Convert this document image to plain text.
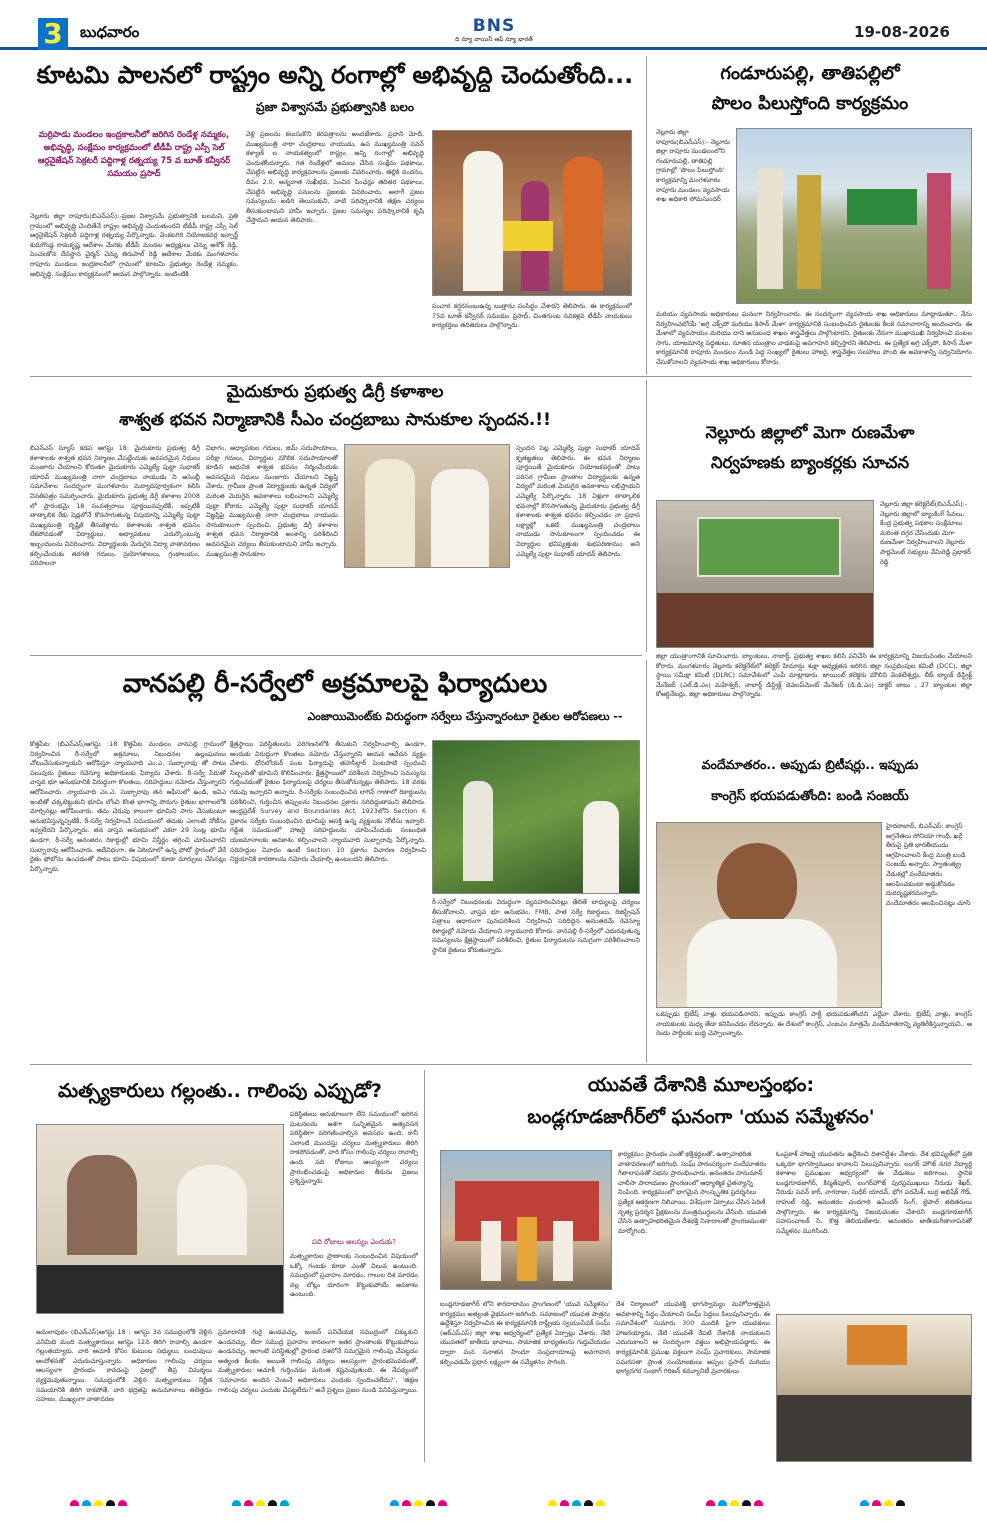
3	బుధవారం	BNS
ది న్యూ వాయిస్ ఆఫ్ న్యూ భారత్	19-08-2026
కూటమి పాలనలో రాష్ట్రం అన్ని రంగాల్లో అభివృద్ధి చెందుతోంది...
ప్రజా విశ్వాసమే ప్రభుత్వానికి బలం
మర్రిపాడు మండలం ఇంద్రకాలనీలో జరిగిన రెండేళ్ల నమ్మకం, అభివృద్ధి, సంక్షేమం కార్యక్రమంలో టీడీపీ రాష్ట్ర ఎస్సీ సెల్ ఆర్గనైజేషన్ సెక్రటరీ పద్దిగాళ్ల రత్నయ్య 75 వ బూత్ కన్వీనర్ సమయం ప్రసాద్
నెల్లూరు జిల్లా రాపూరు(బిఎన్ఎస్):-ప్రజల విశ్వాసమే ప్రభుత్వానికి బలమని, ప్రతి గ్రామంలో అభివృద్ధి చెందితేనే రాష్ట్రం అభివృద్ధి చెందుతుందని టీడీపీ రాష్ట్ర ఎస్సీ సెల్ ఆర్గనైజేషన్ సెక్రటరీ పద్దిగాళ్ల రత్నయ్య పేర్కొన్నారు. వెంకటగిరి నియోజకవర్గ ఇన్చార్జ్ కురుగొండ్ల రామకృష్ణ ఆదేశాల మేరకు టీడీపీ మండల అధ్యక్షులు చెన్ను అశోక్ రెడ్డి, పెంచలకోన దేవస్థాన చైర్మన్ చెన్ను తిరుపాల్ రెడ్డి ఆదేశాల మేరకు మంగళవారం రాపూరు మండలం ఇంద్రకాలనీలో గ్రామంలో కూటమి ప్రభుత్వం రెండేళ్ల నమ్మకం, అభివృద్ధి, సంక్షేమం కార్యక్రమంలో ఆయన పాల్గొన్నారు. ఇంటింటికి
వెళ్లి ప్రజలను కలుసుకొని కరపత్రాలను అందజేశారు. ప్రధాని మోదీ, ముఖ్యమంత్రి నారా చంద్రబాబు నాయుడు, ఉప ముఖ్యమంత్రి పవన్ కళ్యాణ్ ల నాయకత్వంలో రాష్ట్రం అన్ని రంగాల్లో అభివృద్ధి చెందుతోందన్నారు. గత రెండేళ్లలో అమలు చేసిన సంక్షేమ పథకాలు, చేపట్టిన అభివృద్ధి కార్యక్రమాలను ప్రజలకు వివరించారు. తల్లికి వందనం, దీపం 2.0, అన్నదాత సుఖీభవ, పెంచిన పింఛన్లు తదితర పథకాలు, చేపట్టిన అభివృద్ధి పనులను ప్రజలకు వివరించారు. అలాగే ప్రజల సమస్యలను అడిగి తెలుసుకుని, వాటి పరిష్కారానికి తక్షణ చర్యలు తీసుకుంటామని హామీ ఇచ్చారు. ప్రజల సమస్యల పరిష్కారానికి కృషి చేస్తామని ఆయన తెలిపారు.
సంచార కర్షరసంబుఉన్న బుత్తాను సంసిద్ధం చేశారని తెలిపారు. ఈ కార్యక్రమంలో 75వ బూత్ కన్వీనర్ సమయం ప్రసాద్, చింతగుంట నవకళ్లవ టీడీపీ నాయకులు కార్యకర్తలు తదితరులు పాల్గొన్నారు.
గండూరుపల్లి, తాతిపల్లిలో
పొలం పిలుస్తోంది కార్యక్రమం
నెల్లూరు జిల్లా రాపూరు(బిఎన్ఎస్):- నెల్లూరు జిల్లా రాపూరు మండలంలోని గండూరుపల్లి, తాతిపల్లి గ్రామాల్లో 'పొలం పిలుస్తోంది' కార్యక్రమాన్ని మంగళవారం రాపూరు మండలం వ్యవసాయ శాఖ అధికారి సోమసుందర్
మరియు వ్యవసాయ అధికారులు ఘనంగా నిర్వహించారు. ఈ సందర్భంగా వ్యవసాయ శాఖ అధికారులు మాట్లాడుతూ.. నేను నిర్వహించబోయే 'అగ్రి ఎక్స్‌పో మరియు కిసాన్ మేళా' కార్యక్రమానికి సంబంధించిన రైతులకు కీలక సమాచారాన్ని అందించారు. ఈ మేళాలో వ్యవసాయం మరియు దాని అనుబంధ శాఖల శాస్త్రవేత్తలు పాల్గొంటారని, రైతులకు నేరుగా ముఖాముఖి నిర్వహించి పంటల సాగు, యాజమాన్య పద్ధతులు, నూతన యంత్రాల వాడకంపై అవగాహన కల్పిస్తారని తెలిపారు. ఈ ప్రత్యేక అగ్రి ఎక్స్‌పో, కిసాన్ మేళా కార్యక్రమానికి రాపూరు మండలం నుండి పెద్ద సంఖ్యలో రైతులు హాజరై, శాస్త్రవేత్తల సలహాలు పొంది ఈ అవకాశాన్ని సద్వినియోగం చేసుకోవాలని వ్యవసాయ శాఖ అధికారులు కోరారు.
మైదుకూరు ప్రభుత్వ డిగ్రీ కళాశాల
శాశ్వత భవన నిర్మాణానికి సీఎం చంద్రబాబు సానుకూల స్పందన.!!
బిఎన్ఎస్ న్యూస్ కడప ఆగస్టు 18: మైదుకూరు ప్రభుత్వ డిగ్రీ కళాశాలకు శాశ్వత భవన నిర్మాణం చేపట్టేందుకు అవసరమైన నిధులు మంజూరు చేయాలని కోరుతూ మైదుకూరు ఎమ్మెల్యే పుట్టా సుధాకర్ యాదవ్ ముఖ్యమంత్రి నారా చంద్రబాబు నాయుడు ని అసెంబ్లీ సమావేశాల సందర్భంగా మంగళవారం మర్యాదపూర్వకంగా కలిసి వినతిపత్రం సమర్పించారు. మైదుకూరు ప్రభుత్వ డిగ్రీ కళాశాల 2008 లో ప్రారంభమై 18 సంవత్సరాలు పూర్తయినప్పటికీ, ఇప్పటికీ తాత్కాలిక రేకు షెడ్లలోనే కొనసాగుతున్న విషయాన్ని ఎమ్మెల్యే పుట్టా ముఖ్యమంత్రి దృష్టికి తీసుకెళ్లారు. కళాశాలకు శాశ్వత భవనం లేకపోవడంతో విద్యార్థులు, అధ్యాపకులు ఎదుర్కొంటున్న ఇబ్బందులను వివరించారు. విద్యార్థులకు మెరుగైన విద్యా వాతావరణం కల్పించేందుకు తరగతి గదులు, ప్రయోగశాలలు, గ్రంథాలయం, పరిపాలనా
విభాగం, అధ్యాపకుల గదులు, జిమ్ సదుపాయాలు, పరీక్షా గదులు, విద్యార్థుల మౌలిక సదుపాయాలతో కూడిన ఆధునిక శాశ్వత భవనం నిర్మించేందుకు అవసరమైన నిధులు మంజూరు చేయాలని విజ్ఞప్తి చేశారు. గ్రామీణ ప్రాంత విద్యార్థులకు ఉన్నత విద్యలో మరింత మెరుగైన అవకాశాలు లభించాలని ఎమ్మెల్యే పుట్టా కోరారు. ఎమ్మెల్యే పుట్టా సుధాకర్ యాదవ్ విజ్ఞప్తిపై ముఖ్యమంత్రి నారా చంద్రబాబు నాయుడు సానుకూలంగా స్పందించి, ప్రభుత్వ డిగ్రీ కళాశాల శాశ్వత భవన నిర్మాణానికి అంశాన్ని పరిశీలించి అవసరమైన చర్యలు తీసుకుంటామని హామీ ఇచ్చారు. ముఖ్యమంత్రి సానుకూల
స్పందన పట్ల ఎమ్మెల్యే పుట్టా సుధాకర్ యాదవ్ కృతజ్ఞతలు తెలిపారు. ఈ భవన నిర్మాణం పూర్తయితే మైదుకూరు నియోజకవర్గంతో పాటు పరిసర గ్రామీణ ప్రాంతాల విద్యార్థులకు ఉన్నత విద్యలో మరింత మెరుగైన అవకాశాలు లభిస్తాయని ఎమ్మెల్యే పేర్కొన్నారు. 18 ఏళ్లుగా తాత్కాలిక భవనాల్లో కొనసాగుతున్న మైదుకూరు ప్రభుత్వ డిగ్రీ కళాశాలకు శాశ్వత భవనం కల్పించడం నా ప్రధాన లక్ష్యాల్లో ఒకటి. ముఖ్యమంత్రి చంద్రబాబు నాయుడు సానుకూలంగా స్పందించడం ఈ విద్యార్థుల భవిష్యత్తుకు శుభపరిణామం అని ఎమ్మెల్యే పుట్టా సుధాకర్ యాదవ్ తెలిపారు.
నెల్లూరు జిల్లాలో మెగా రుణమేళా
నిర్వహణకు బ్యాంకర్లకు సూచన
నెల్లూరు జిల్లా కలెక్టరేట్(బిఎన్ఎస్):- నెల్లూరు జిల్లాలో బ్యాంకింగ్ సేవలు, కేంద్ర ప్రభుత్వ పథకాల సంక్షేమాలు మరింత దగ్గర చేసేందుకు మెగా రుణమేళా నిర్వహించాలని నెల్లూరు పార్లమెంట్ సభ్యులు వేమిరెడ్డి ప్రభాకర్ రెడ్డి
జిల్లా యంత్రాంగానికి సూచించారు. బ్యాంకులు, నాబార్డ్, ప్రభుత్వ శాఖల కలిసి పనిచేసి ఈ కార్యక్రమాన్ని విజయవంతం చేయాలని కోరారు. మంగళవారం నెల్లూరు కలెక్టరేట్‌లో కలెక్టర్ హిమాన్షు శుక్లా అధ్యక్షతన జరిగిన జిల్లా సంప్రదింపుల కమిటీ (DCC), జిల్లా స్థాయి సమీక్షా కమిటీ (DLRC) సమావేశంలో ఎంపీ మాట్లాడారు. జాయింట్ కలెక్టరు మౌలిని వెంకటేశ్వర్లు, లీడ్ బ్యాంక్ డిస్ట్రిక్ట్ మేనేజర్ (ఎల్.డి.ఎం) మహేశ్వర్, నాబార్డ్ డిస్ట్రిక్ట్ డెవలప్‌మెంట్ మేనేజర్ (డి.డి.ఎం) డాక్టర్ బాబు , 27 బ్యాంకుల జిల్లా కోఆర్డినేటర్లు, జిల్లా అధికారులు పాల్గొన్నారు.
వానపల్లి రీ-సర్వేలో అక్రమాలపై ఫిర్యాదులు
ఎంజాయిమెంట్‌కు విరుద్ధంగా సర్వేలు చేస్తున్నారంటూ రైతుల ఆరోపణలు --
కొత్తపేట: (బిఎన్ఎస్)ఆగస్టు :18 కొత్తపేట మండలం వానపల్లి గ్రామంలో నిర్వహించిన రీ-సర్వేలో అక్రమాలు, నిబంధనల ఉల్లంఘనలు చోటుచేసుకున్నాయని ఆరోపిస్తూ న్యాయవాది ఎం.ఎ. సుబ్బారావు తో పాటు పలువురు రైతులు రెవెన్యూ అధికారులకు ఫిర్యాదు చేశారు. రీ-సర్వే పేరుతో వాస్తవ భూ అనుభవానికి విరుద్ధంగా కొలతలు, సరిహద్దులు నమోదు చేస్తున్నారని ఆరోపించారు. న్యాయవాది ఎం.ఎ. సుబ్బారావు తన ఆఫీసులో ఉండి, ఇవిఎ ఇంటితో చక్కబెట్టుకుని భూమి లోంచి కొంత భాగాన్ని పొరుగు రైతుల భాగాలలోకి మార్చినట్లు ఆరోపించారు. తమ చెరువు కాలంగా భూమిని సాగు చేసుకుంటూ అనుభవిస్తున్నప్పటికీ, రీ-సర్వే నిర్వహించే సమయంలో తమకు ఎలాంటి నోటీసు ఇవ్వలేదని పేర్కొన్నారు. తన వాస్తవ అనుభవంలో ఎకరా 29 సెంట్ల భూమి ఉండగా, రీ-సర్వే అనంతరం రికార్డుల్లో భూమి విస్తీర్ణం తగ్గించి చూపించారని సుబ్బారావు ఆరోపించారు. అదేవిధంగా, ఈ ఏరియాలో ఉన్న ఫోటో స్థానంలో వేరే రైతు ఫోటోను ఉంచడంతో పాటు భూమి విషయంలో కూడా మార్పులు చేసినట్లు పేర్కొన్నారు.
క్షేత్రస్థాయి పరిస్థితులను పరిగణనలోకి తీసుకుని నిర్వహించాల్సి ఉండగా, అందుకు విరుద్ధంగా కొలతలు నమోదు చేస్తున్నారని ఆయన ఆవేదన వ్యక్తం చేశారు. ధోనలోయర్ పంట ఫిర్యాదుపై తహసీల్దార్ పెంటపాటి స్పందించి సిబ్బందితో భూమిని కొలిపించారు. క్షేత్రస్థాయిలో పరిశీలన నిర్వహించి సమస్యను గుర్తించడంతో రైతుల ఫిర్యాదులపై చర్యలు తీసుకోనున్నట్లు తెలిపారు. 18 వరకు గడువు ఇచ్చారని అన్నారు. రీ-సర్వేకు సంబంధించిన లాగిన్ గాణాలో రికార్డులను పరిశీలించి, గుర్తించిన తప్పులను నిబంధనల ప్రకారం సరిదిద్దుతామని తెలిపారు. ఆంధ్రప్రదేశ్ Survey and Boundaries Act, 1923లోని Section 6 ప్రకారం సర్వేకు సంబంధించిన భూమిపై ఆసక్తి ఉన్న వ్యక్తులకు నోటీసు ఇవ్వాలి. గడ్డిత సమయంలో హాజరై సరిహద్దులను చూపించేందుకు సంబంధిత యజమానాలకు అవకాశం కల్పించాలని న్యాయవాది సుబ్బారావు పేర్కొన్నారు. సరిహద్దుల వివాదం ఉంటే Section 10 ప్రకారం విచారణ నిర్వహించి నిర్ణయానికి కారణాలను నమోదు చేయాల్సి ఉంటుందని తెలిపారు.
రీ-సర్వేలో నిబంధనలకు విరుద్ధంగా వ్యవహరించినట్లు తేలితే బాధ్యులపై చర్యలు తీసుకోవాలని, వాస్తవ భూ అనుభవం, FMB, పాత సర్వే రికార్డులు, రిజిస్ట్రేషన్ పత్రాలు ఆధారంగా పునఃపరిశీలన నిర్వహించి సరిదిద్దిన అనంతరమే రెవెన్యూ రికార్డుల్లో నమోదు చేయాలని న్యాయవాది కోరారు. వానపల్లి రీ-సర్వేలో ఎదురవుతున్న సమస్యలను క్షేత్రస్థాయిలో పరిశీలించి, రైతుల ఫిర్యాదులను సమగ్రంగా పరిశీలించాలని స్థానిక రైతులు కోరుతున్నారు.
వందేమాతరం.. అప్పుడు బ్రిటీషర్లు.. ఇప్పుడు
కాంగ్రెస్ భయపడుతోంది: బండి సంజయ్
హైదరాబాద్, బిఎన్ఎస్: కాంగ్రెస్ అగ్రనేతలు సోనియా గాంధీ, ఖర్గే తీరుపై ప్రతి భారతీయుడు ఆగ్రహించాలని కేంద్ర మంత్రి బండి సంజయ్ అన్నారు. స్వాతంత్య్ర వేడుకల్లో వందేమాతరం ఆలపించకుండా అడ్డుకోవడం దురదృష్టకరమన్నారు. వందేమాతరం ఆలపించినట్లు చూసి
ఒకప్పుడు బ్రిటీష్ వాళ్లు భయపడినారని, ఇప్పుడు కాంగ్రెస్ పార్టీ భయపడుతోందని ఎద్దేవా చేశారు. బ్రిటీష్ వాళ్లు, కాంగ్రెస్ నాయకులకు మధ్య తేడా కనిపించడం లేదన్నారు. ఈ దేశంలో కాంగ్రెస్, ఎంఐఎం మాత్రమే వందేమాతరాన్ని వ్యతిరేకిస్తున్నాయని.. ఆ రెండు పార్టీలకు బుద్ధి చెప్పాలన్నారు.
మత్స్యకారులు గల్లంతు.. గాలింపు ఎప్పుడో?
పరిస్థితులు అనుకూలంగా లేని సమయంలో జరిగిన ఘటనలను ఆశగా సున్నితమైన అత్యవసర పరిస్థితిగా పరిగణించాల్సిన అవసరం ఉంది. కానీ ఎలాంటి ముందస్తు చర్యలు మత్స్యకారులు తిరిగి రాకపోవడంతో, వారి కోసం గాలింపు చర్యలు రావాల్సి ఉంది. పది రోజులు ఆలస్యంగా చర్యలు ప్రారంభించడంపై అధికారుల తీరును ప్రజలు ప్రశ్నిస్తున్నారు.
పది రోజులు ఆలస్యం ఎందుకు?
మత్స్యకారుల ప్రాణాలకు సంబంధించిన విషయంలో ఒక్కో గంటకు కూడా ఎంతో విలువ ఉంటుంది. సముద్రంలో ప్రవాహం మారడం, గాలుల దిశ మారడం వల్ల బోట్లు దూరంగా కొట్టుకుపోయే అవకాశం ఉంటుంది.
అమలాపురం (బిఎన్ఎస్)ఆగస్టు 18 : ఆగస్టు 3న సముద్రంలోకి వెళ్లిన ఎనిమిది మంది మత్స్యకారులు ఆగస్టు 12న తిరిగి రావాల్సి ఉండగా గల్లంతయ్యారు. వారి ఆచూకీ కోసం కుటుంబ సభ్యులు, బంధువులు ఆందోళనతో ఎదురుచూస్తున్నారు. అధికారుల గాలింపు చర్యలు ఆలస్యంగా ప్రారంభం కావడంపై ప్రజల్లో తీవ్ర విమర్శలు వ్యక్తమవుతున్నాయి. సముద్రంలోకి వెళ్లిన మత్స్యకారులు నిర్ణీత సమయానికి తిరిగి రాకపోతే, వారి భద్రతపై అనుమానాలు తలెత్తడం సహజం. ముఖ్యంగా వాతావరణ
ప్రమాదానికి గురై ఉండవచ్చు, ఇంజన్ పనిచేయక సముద్రంలో చిక్కుకుని ఉండవచ్చు, లేదా సముద్ర ప్రవాహం కారణంగా ఇతర ప్రాంతాలకు కొట్టుకుపోయి ఉండవచ్చు. ఇలాంటి పరిస్థితుల్లో ప్రారంభ దశలోనే సమగ్రమైన గాలింపు చేపట్టడం అత్యంత కీలకం. అయితే గాలింపు చర్యలు ఆలస్యంగా ప్రారంభమవడంతో, మత్స్యకారుల ఆచూకీ గుర్తించడం మరింత కష్టమవుతుంది. ఈ నేపథ్యంలో 'సమాచారం అందిన వెంటనే అధికారులు ఎందుకు స్పందించలేదు?', 'తక్షణ గాలింపు చర్యలు ఎందుకు చేపట్టలేదు?' అనే ప్రశ్నలు ప్రజల నుండి వినిపిస్తున్నాయి.
యువతే దేశానికి మూలస్తంభం:
బండ్లగూడజాగీర్‌లో ఘనంగా 'యువ సమ్మేళనం'
కార్యక్రమం ప్రారంభం ఎంతో భక్తిశ్రద్ధలతో, ఉత్సాహభరిత వాతావరణంలో జరిగింది. సంఘ్ పారంపర్యంగా వందేమాతరం గీతాలాపనతో సభను ప్రారంభించారు. అనంతరం హనుమాన్ చాలీసా పారాయణం ప్రాంగణంలో ఆధ్యాత్మిక చైతన్యాన్ని నింపింది. కార్యక్రమంలో భాగమైన సాంస్కృతిక ప్రదర్శనలు ప్రత్యేక ఆకర్షణగా నిలిచాయి. విశేషంగా ఏర్పాటు చేసిన పెరిణీ నృత్య ప్రదర్శన ప్రేక్షకులను మంత్రముగ్ధులను చేసింది. యువత చేసిన ఉత్సాహభరితమైన దేశభక్తి నినాదాలతో ప్రాంగణమంతా మార్మోగింది.
బండ్లగూడజాగీర్ లోని శారదాదామం ప్రాంగణంలో 'యువ సమ్మేళనం' కార్యక్రమం అత్యంత వైభవంగా జరిగింది. సమాజంలో యువత పాత్రను ఉద్దేశిస్తూ నిర్వహించిన ఈ కార్యక్రమానికి రాష్ట్రీయ స్వయంసేవక్ సంఘ్ (ఆర్ఎస్ఎస్) జిల్లా శాఖ ఆధ్వర్యంలో ప్రత్యేక ఏర్పాట్లు చేశారు. నేటి యువతలో జాతీయ భావాలు, సామాజిక బాధ్యతలను గుర్తుచేయడం ద్వారా మన సనాతన హిందూ సంప్రదాయాలపై అవగాహన కల్పించడమే ప్రధాన లక్ష్యంగా ఈ సమ్మేళనం సాగింది.
దేశ నిర్మాణంలో యువశక్తి భాగస్వామ్యం మహోదాత్తమైన అవకాశాన్ని సిద్ధం చేయాలని సంఘ్ పెద్దలు పిలుపునిచ్చారు. ఈ సమావేశంలో సుమారు 300 మందికి పైగా యువకులు హాజరయ్యారు. నేటి యువతే రేపటి దేశానికి నాయకులని ఎదురుకాలని ఆ సందర్భంగా వక్తలు అభిప్రాయపడ్డారు. ఈ కార్యక్రమానికి ప్రముఖ వక్తలుగా సంఘ్ ప్రచారకులు, సామాజిక సమరసతా ప్రాంత సంయోజకులు అప్పల ప్రసాద్ మరియు భాగ్యనగర సంభాగ్ గిరిజన్ కమ్యూనిటీ ప్రచారకులు
ఓంప్రకాశ్ హాజరై యువతను ఉద్దేశించి దిశానిర్దేశం చేశారు. దేశ భవిష్యత్‌లో ప్రతి ఒక్కరూ భాగస్వాములు కావాలని పిలుపునిచ్చారు. లంగర్ హౌజ్ నగర విద్యార్థి కళాశాల ప్రముఖుల ఆధ్వర్యంలో ఈ వేడుకలు జరిగాయి. స్థానిక బండ్లగూడజాగీర్, కిస్మత్‌పూర్, లంగర్‌హౌజ్ పురప్రముఖులు నీరుడు శేఖర్, నీరుడు పవన్ కార్, నాగరాజు, సుధీర్ యాదవ్, భోగ పరమేశ్, బుర్ర అభిషేక్ గౌడ్, రాహుల్ రెడ్డి, అనంతరం చందగారి ఉపేందర్ సింగ్, జైపాల్ తదితరులు పాల్గొన్నారు. ఈ కార్యక్రమాన్ని విజయవంతం చేశారని బండ్లగూడజాగీర్ సహసంచాలక్ సి. కొత్త తెలియజేశారు. అనంతరం జాతీయగీతాలాపనతో సమ్మేళనం ముగిసింది.
